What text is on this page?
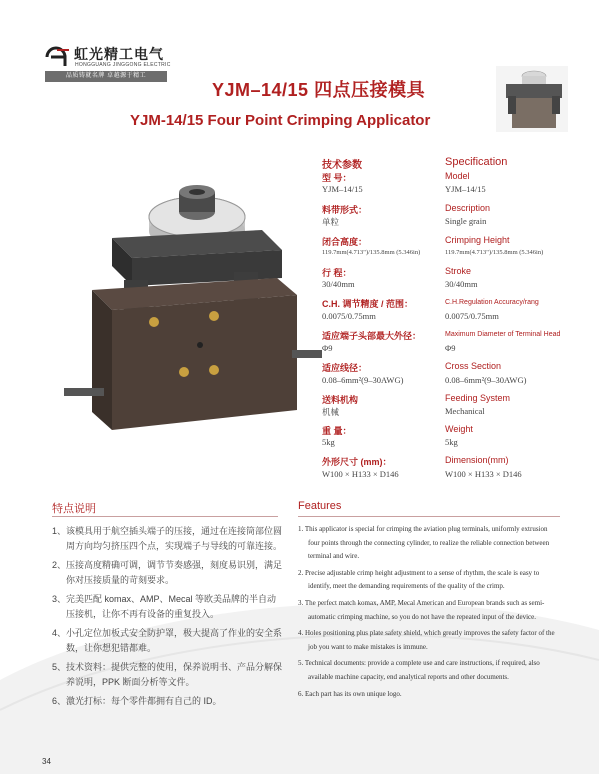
虹光精工电气
HONGGUANG JINGGONG ELECTRIC
品质铸就名牌 卓越源于精工
YJM–14/15 四点压接模具
YJM-14/15 Four Point Crimping Applicator
技术参数	Specification
型 号：
YJM–14/15
Model
YJM–14/15
料带形式：
单粒
Description
Single grain
闭合高度：
119.7mm(4.713")/135.8mm (5.346in)
Crimping Height
119.7mm(4.713")/135.8mm (5.346in)
行 程：
30/40mm
Stroke
30/40mm
C.H. 调节精度 / 范围：
0.0075/0.75mm
C.H.Regulation Accuracy/rang
0.0075/0.75mm
适应端子头部最大外径：
Φ9
Maximum Diameter of Terminal Head
Φ9
适应线径：
0.08–6mm²(9–30AWG)
Cross Section
0.08–6mm²(9–30AWG)
送料机构
机械
Feeding System
Mechanical
重 量：
5kg
Weight
5kg
外形尺寸 (mm)：
W100 × H133 × D146
Dimension(mm)
W100 × H133 × D146
特点说明
1、该模具用于航空插头端子的压接，通过在连接筒部位圆周方向均匀挤压四个点，实现端子与导线的可靠连接。
2、压接高度精确可调，调节节奏感强，刻度易识别，满足你对压接质量的苛刻要求。
3、完美匹配 komax、AMP、Mecal 等欧美品牌的半自动压接机，让你不再有设备的重复投入。
4、小孔定位加板式安全防护罩，极大提高了作业的安全系数，让你想犯错都难。
5、技术资料：提供完整的使用，保养说明书、产品分解保养说明，PPK 断面分析等文件。
6、激光打标：每个零件都拥有自己的 ID。
Features
1. This applicator is special for crimping the aviation plug terminals, uniformly extrusion four points through the connecting cylinder, to realize the reliable connection between terminal and wire.
2. Precise adjustable crimp height adjustment to a sense of rhythm, the scale is easy to identify, meet the demanding requirements of the quality of the crimp.
3. The perfect match komax, AMP, Mecal American and European brands such as semi-automatic crimping machine, so you do not have the repeated input of the device.
4. Holes positioning plus plate safety shield, which greatly improves the safety factor of the job you want to make mistakes is immune.
5. Technical documents: provide a complete use and care instructions, if required, also available machine capacity, end analytical reports and other documents.
6. Each part has its own unique logo.
34
